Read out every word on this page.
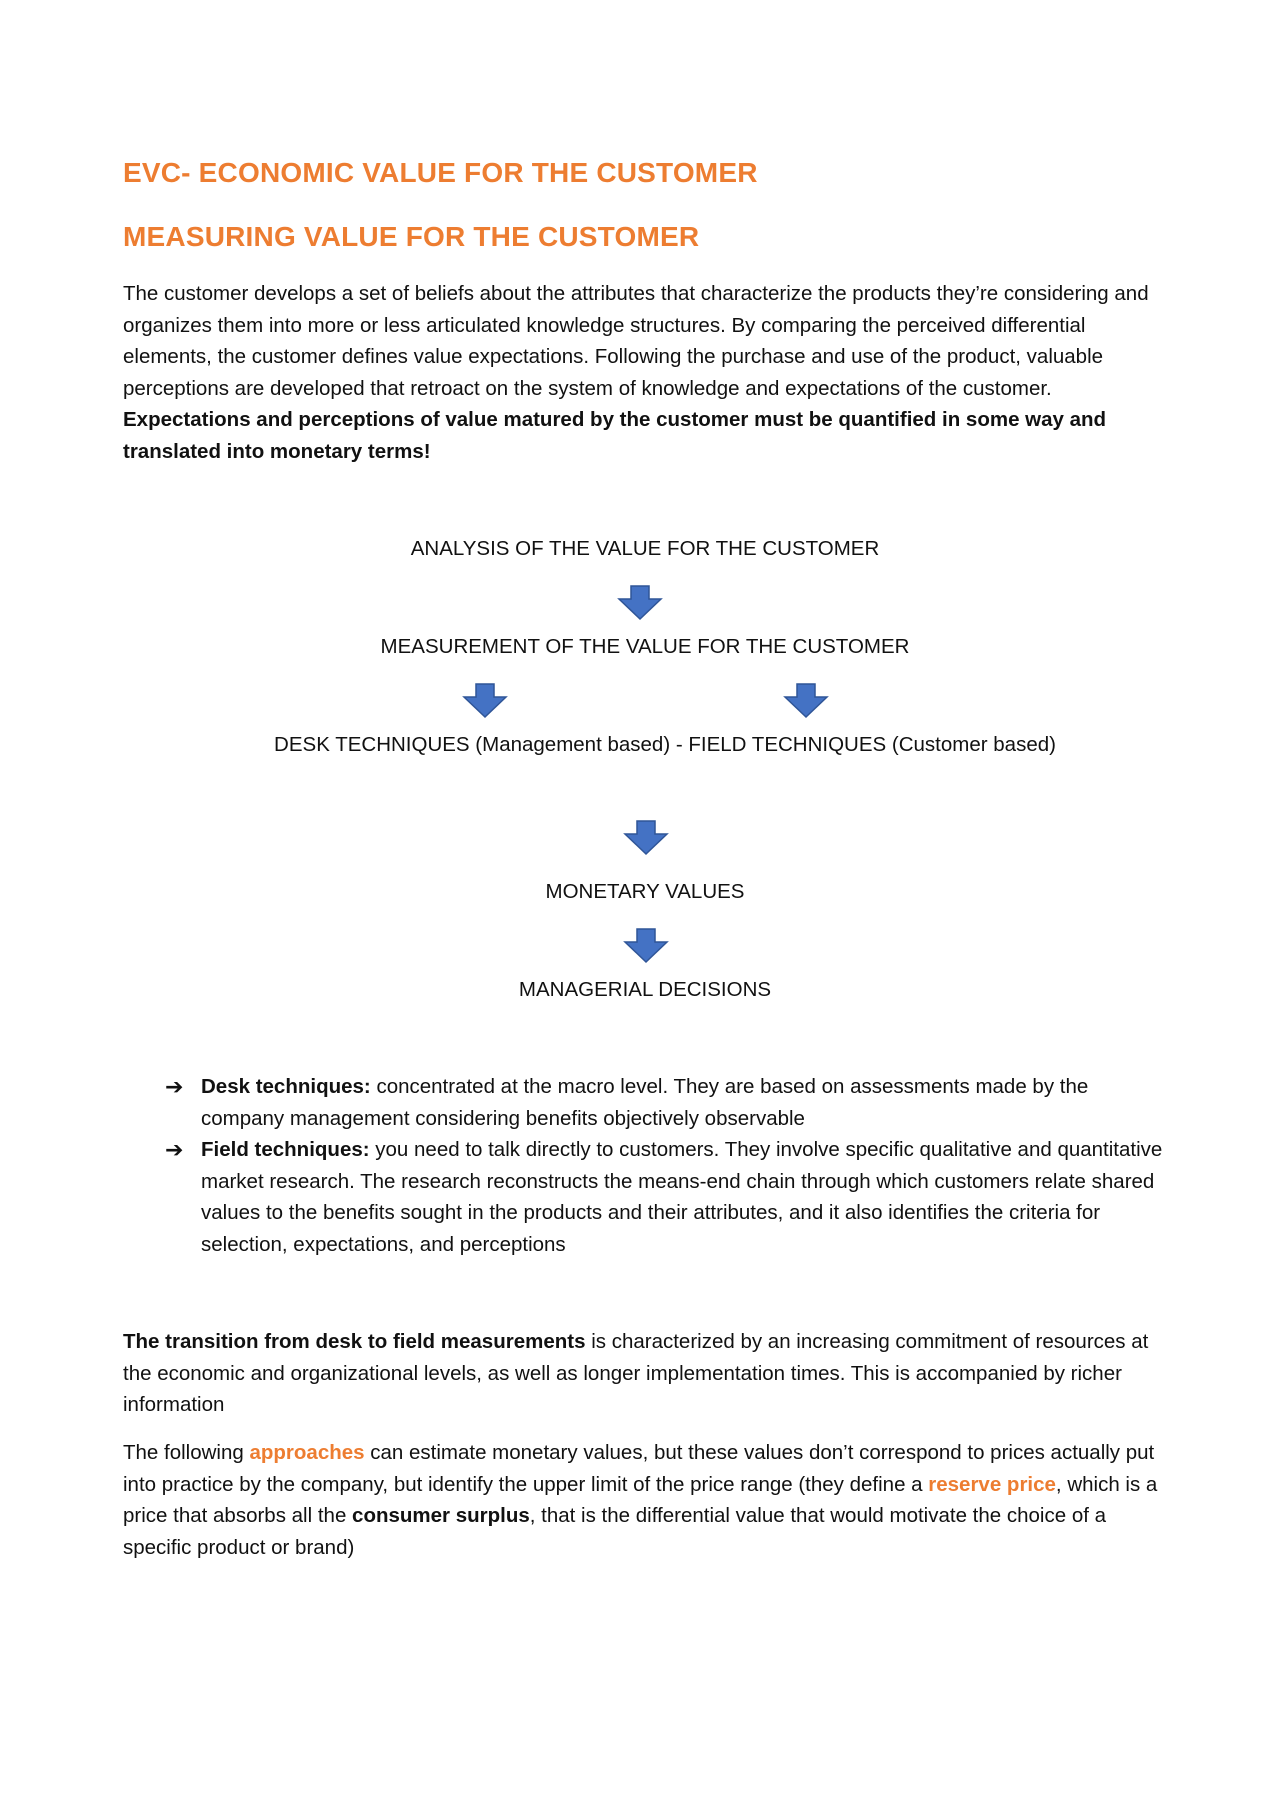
EVC- ECONOMIC VALUE FOR THE CUSTOMER
MEASURING VALUE FOR THE CUSTOMER

The customer develops a set of beliefs about the attributes that characterize the products they’re considering and organizes them into more or less articulated knowledge structures. By comparing the perceived differential elements, the customer defines value expectations. Following the purchase and use of the product, valuable perceptions are developed that retroact on the system of knowledge and expectations of the customer. Expectations and perceptions of value matured by the customer must be quantified in some way and translated into monetary terms!

ANALYSIS OF THE VALUE FOR THE CUSTOMER
MEASUREMENT OF THE VALUE FOR THE CUSTOMER
DESK TECHNIQUES (Management based) - FIELD TECHNIQUES (Customer based)
MONETARY VALUES
MANAGERIAL DECISIONS
➔ Desk techniques: concentrated at the macro level. They are based on assessments made by the company management considering benefits objectively observable
➔ Field techniques: you need to talk directly to customers. They involve specific qualitative and quantitative market research. The research reconstructs the means-end chain through which customers relate shared values to the benefits sought in the products and their attributes, and it also identifies the criteria for selection, expectations, and perceptions

The transition from desk to field measurements is characterized by an increasing commitment of resources at the economic and organizational levels, as well as longer implementation times. This is accompanied by richer information

The following approaches can estimate monetary values, but these values don’t correspond to prices actually put into practice by the company, but identify the upper limit of the price range (they define a reserve price, which is a price that absorbs all the consumer surplus, that is the differential value that would motivate the choice of a specific product or brand)
